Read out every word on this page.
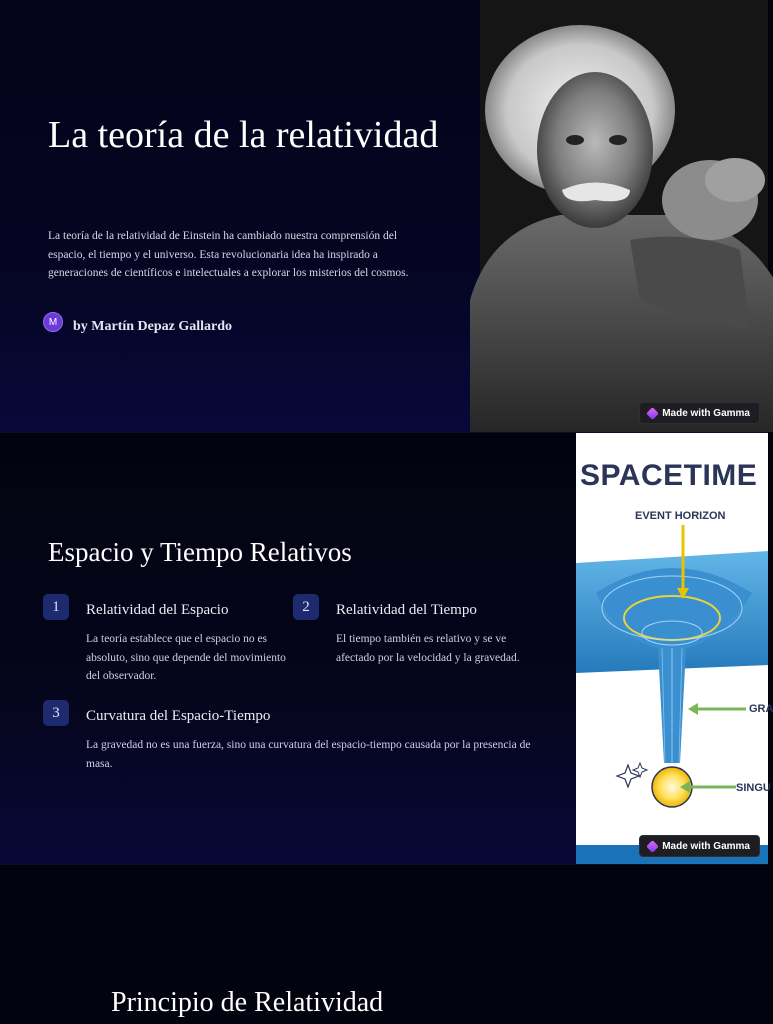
La teoría de la relatividad

La teoría de la relatividad de Einstein ha cambiado nuestra comprensión del espacio, el tiempo y el universo. Esta revolucionaria idea ha inspirado a generaciones de científicos e intelectuales a explorar los misterios del cosmos.

M	by Martín Depaz Gallardo
Made with Gamma
Espacio y Tiempo Relativos
1	Relatividad del Espacio
La teoría establece que el espacio no es absoluto, sino que depende del movimiento del observador.
2	Relatividad del Tiempo
El tiempo también es relativo y se ve afectado por la velocidad y la gravedad.
3	Curvatura del Espacio-Tiempo
La gravedad no es una fuerza, sino una curvatura del espacio-tiempo causada por la presencia de masa.
SPACETIME
EVENT HORIZON
GRA
SINGU
Made with Gamma
Principio de Relatividad
